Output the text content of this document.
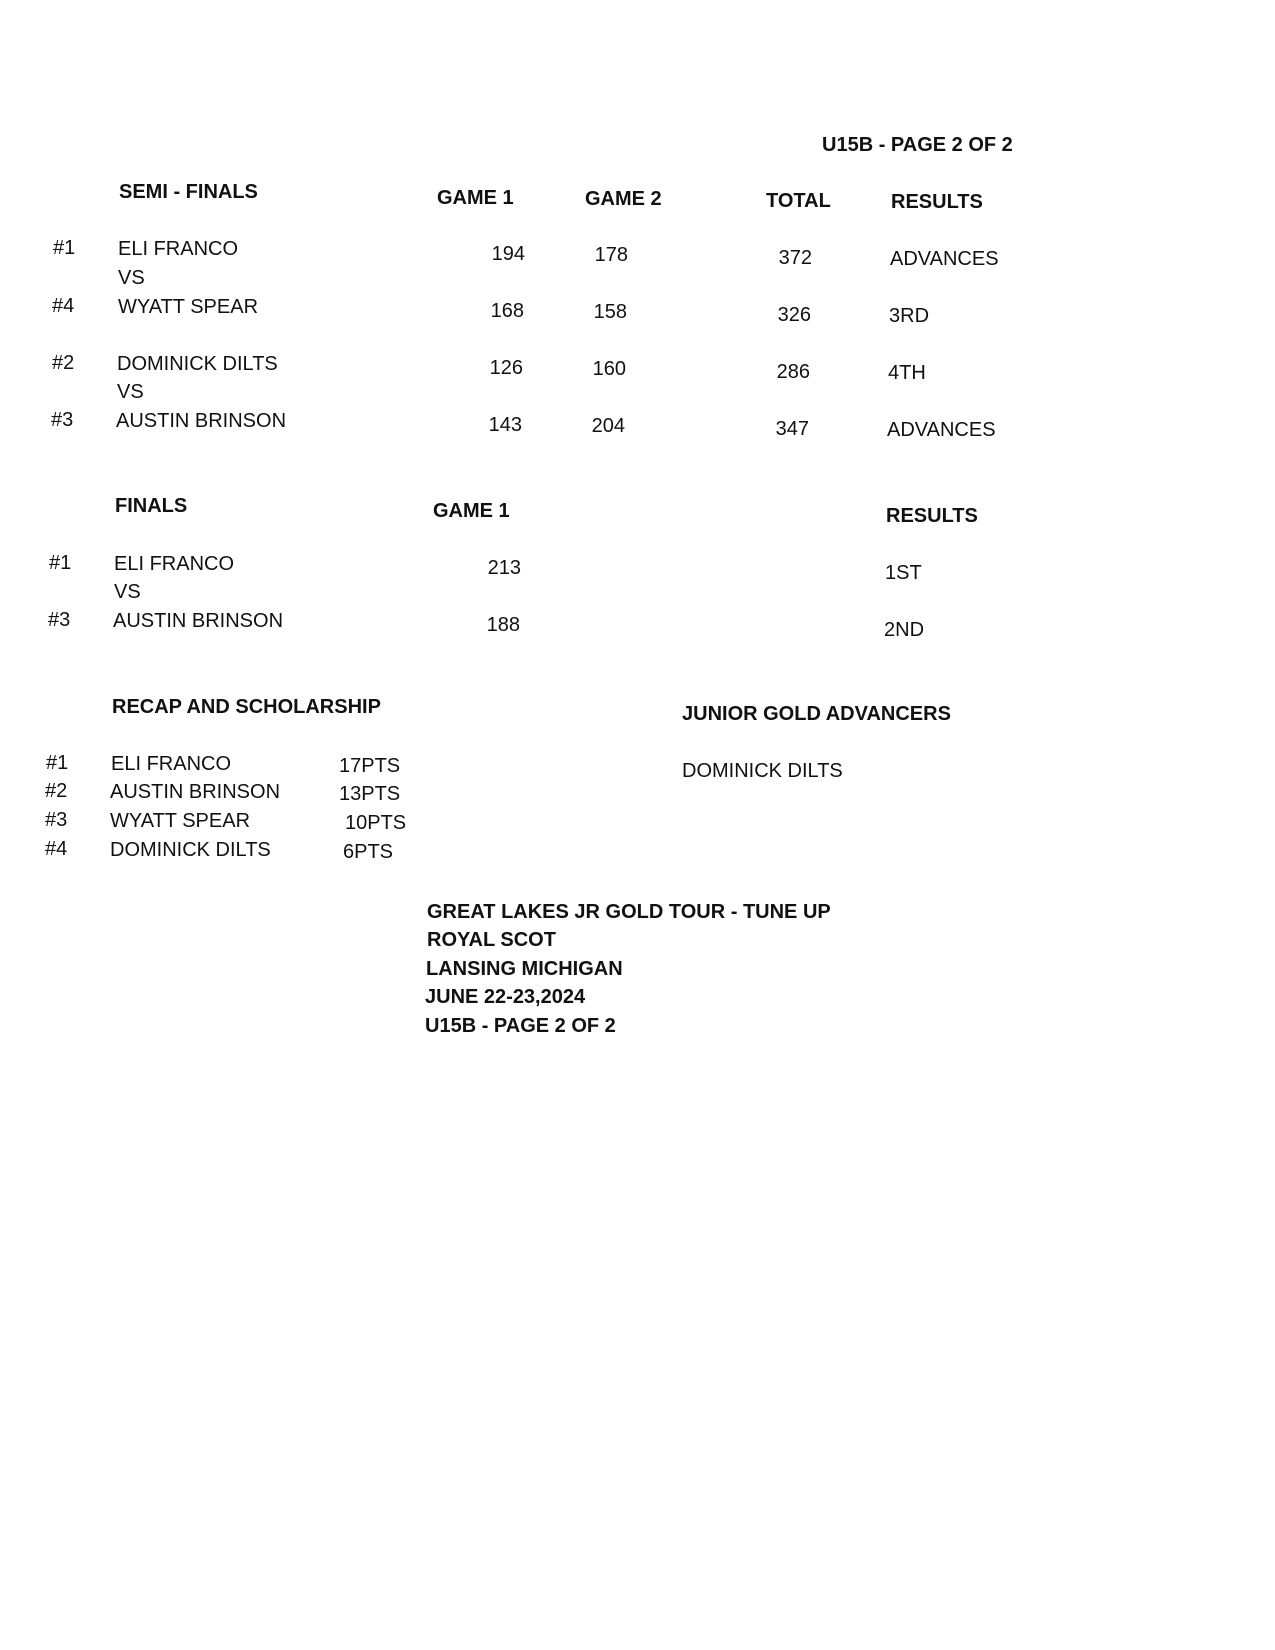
U15B - PAGE 2 OF 2
SEMI - FINALS	GAME 1	GAME 2	TOTAL	RESULTS
#1 ELI FRANCO	194	178	372	ADVANCES
VS
#4 WYATT SPEAR	168	158	326	3RD
#2 DOMINICK DILTS	126	160	286	4TH
VS
#3 AUSTIN BRINSON	143	204	347	ADVANCES
FINALS	GAME 1	RESULTS
#1 ELI FRANCO	213	1ST
VS
#3 AUSTIN BRINSON	188	2ND
RECAP AND SCHOLARSHIP
#1 ELI FRANCO	17PTS
#2 AUSTIN BRINSON	13PTS
#3 WYATT SPEAR	10PTS
#4 DOMINICK DILTS	6PTS
JUNIOR GOLD ADVANCERS
DOMINICK DILTS
GREAT LAKES JR GOLD TOUR - TUNE UP
ROYAL SCOT
LANSING MICHIGAN
JUNE 22-23,2024
U15B - PAGE 2 OF 2
